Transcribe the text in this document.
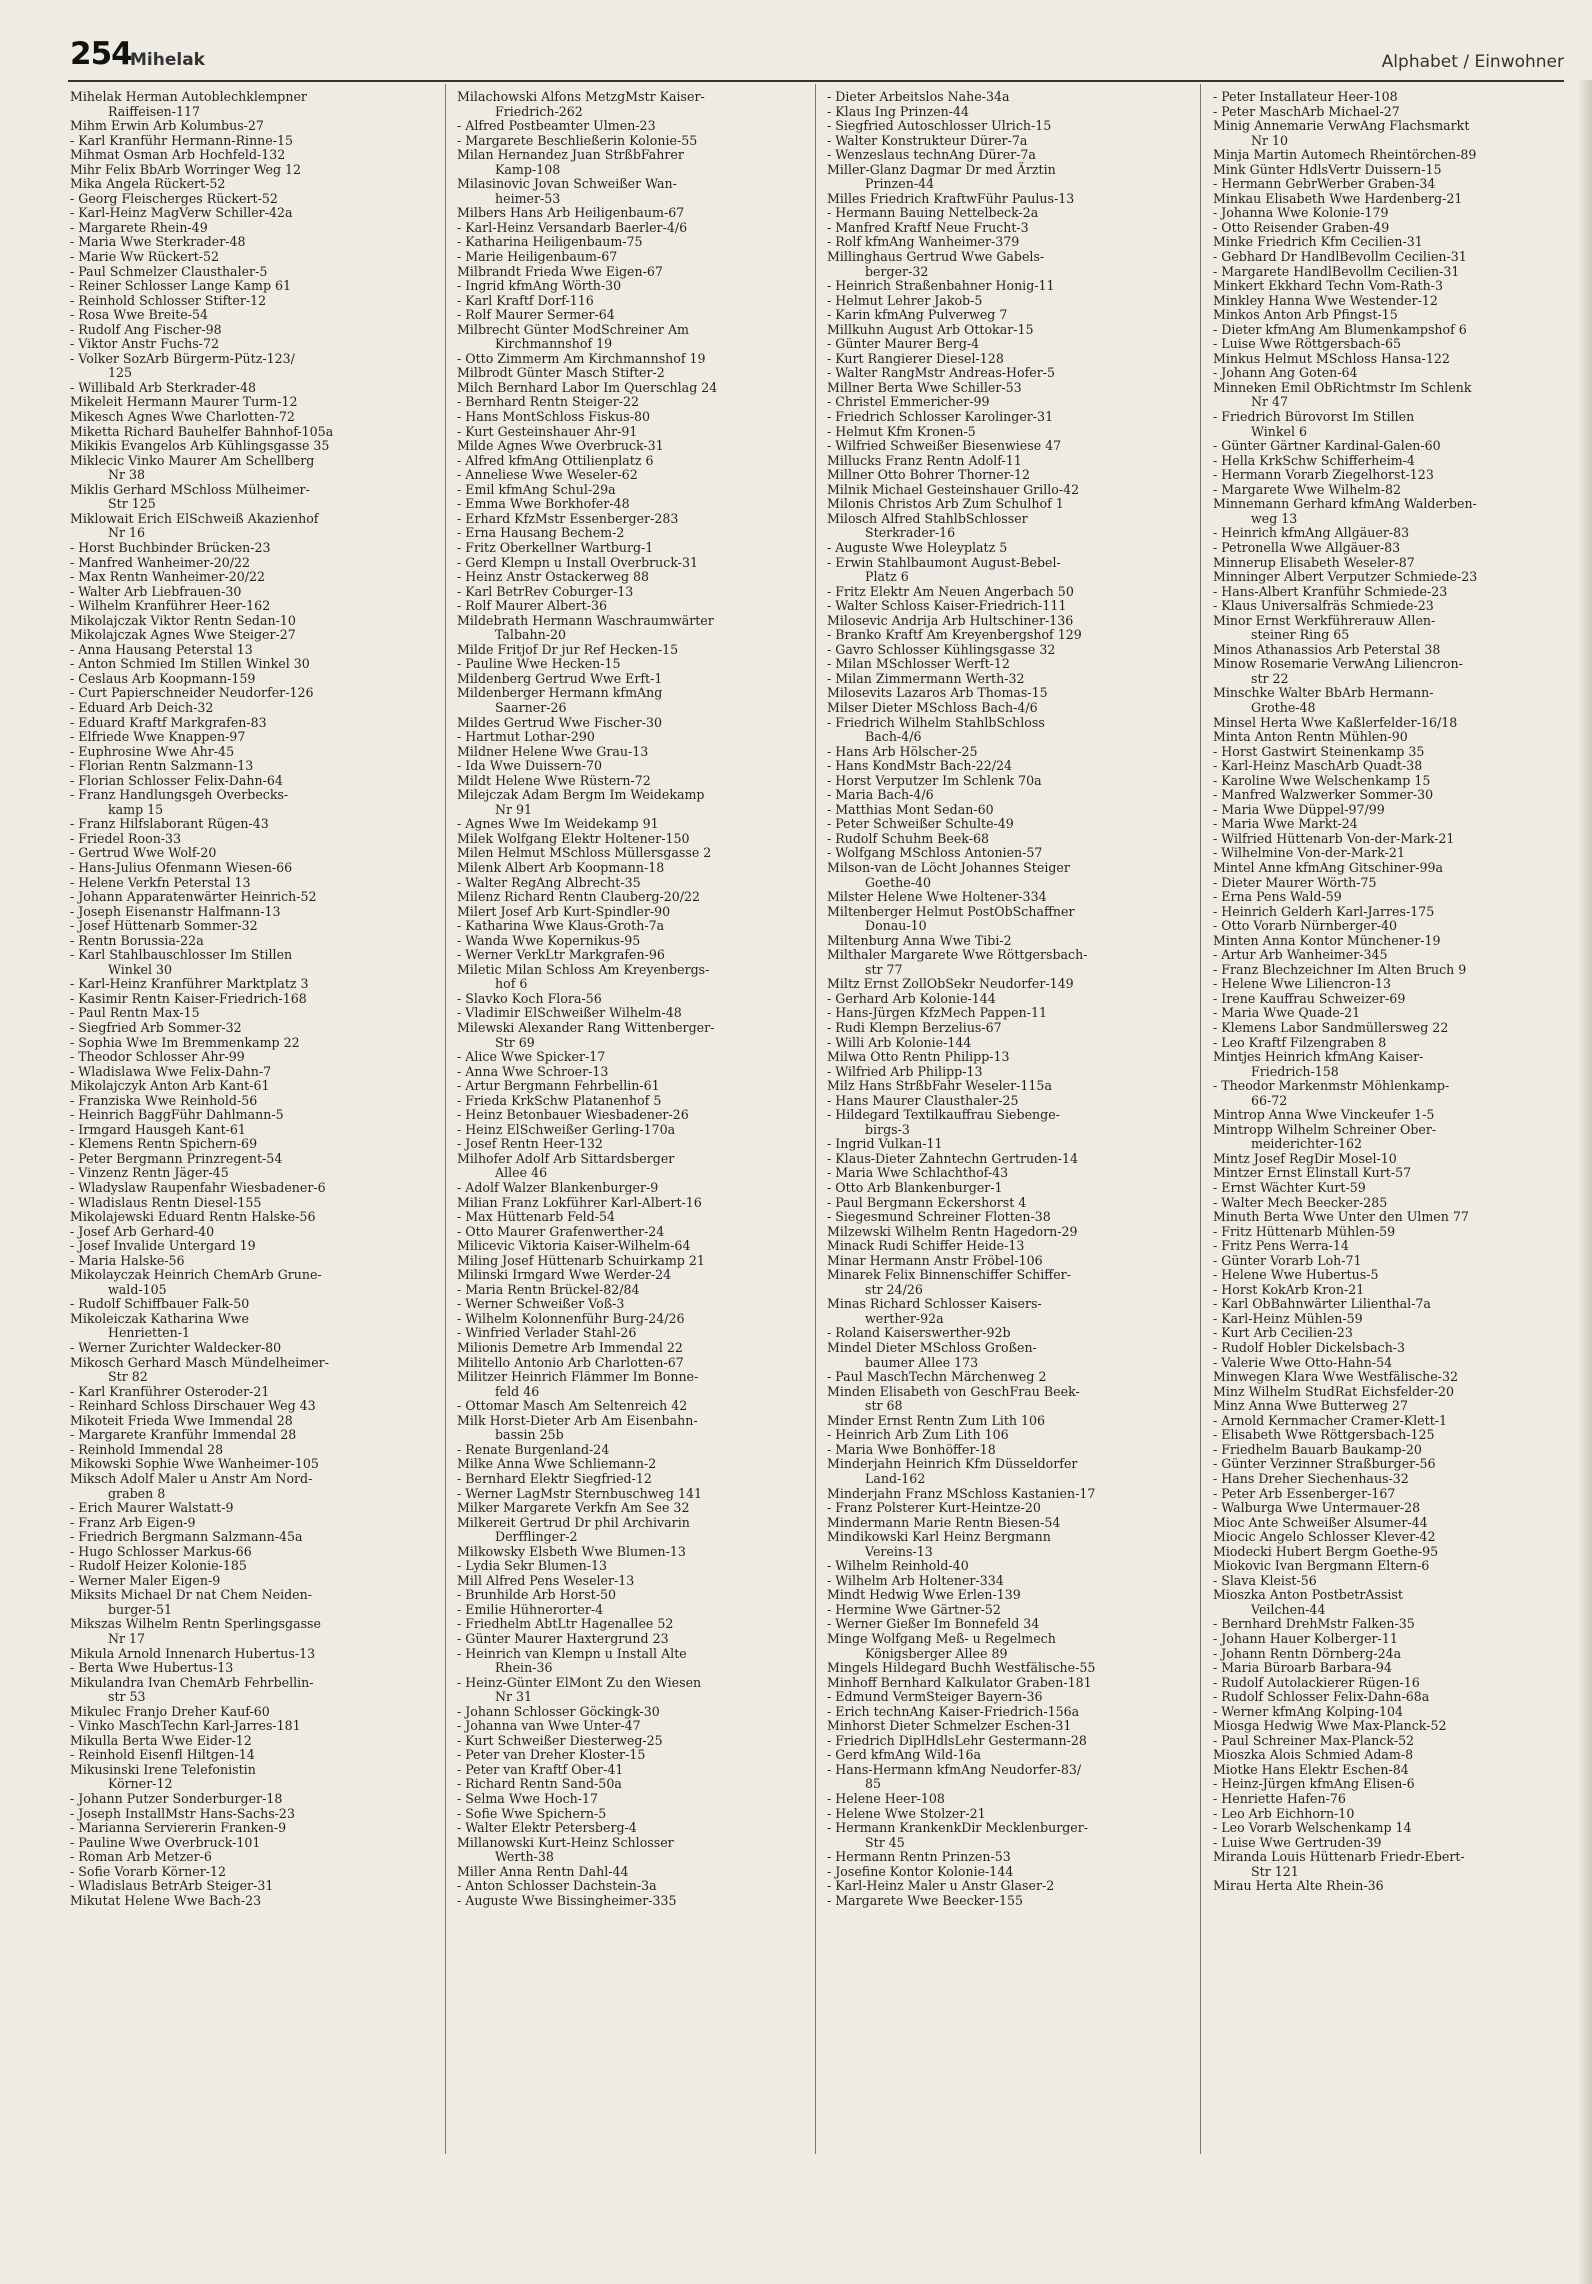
254
Mihelak	Alphabet / Einwohner
Mihelak Herman Autoblechklempner
Raiffeisen-117
Mihm Erwin Arb Kolumbus-27
- Karl Kranführ Hermann-Rinne-15
Mihmat Osman Arb Hochfeld-132
Mihr Felix BbArb Worringer Weg 12
Mika Angela Rückert-52
- Georg Fleischerges Rückert-52
- Karl-Heinz MagVerw Schiller-42a
- Margarete Rhein-49
- Maria Wwe Sterkrader-48
- Marie Ww Rückert-52
- Paul Schmelzer Clausthaler-5
- Reiner Schlosser Lange Kamp 61
- Reinhold Schlosser Stifter-12
- Rosa Wwe Breite-54
- Rudolf Ang Fischer-98
- Viktor Anstr Fuchs-72
- Volker SozArb Bürgerm-Pütz-123/
125
- Willibald Arb Sterkrader-48
Mikeleit Hermann Maurer Turm-12
Mikesch Agnes Wwe Charlotten-72
Miketta Richard Bauhelfer Bahnhof-105a
Mikikis Evangelos Arb Kühlingsgasse 35
Miklecic Vinko Maurer Am Schellberg
Nr 38
Miklis Gerhard MSchloss Mülheimer-
Str 125
Miklowait Erich ElSchweiß Akazienhof
Nr 16
- Horst Buchbinder Brücken-23
- Manfred Wanheimer-20/22
- Max Rentn Wanheimer-20/22
- Walter Arb Liebfrauen-30
- Wilhelm Kranführer Heer-162
Mikolajczak Viktor Rentn Sedan-10
Mikolajczak Agnes Wwe Steiger-27
- Anna Hausang Peterstal 13
- Anton Schmied Im Stillen Winkel 30
- Ceslaus Arb Koopmann-159
- Curt Papierschneider Neudorfer-126
- Eduard Arb Deich-32
- Eduard Kraftf Markgrafen-83
- Elfriede Wwe Knappen-97
- Euphrosine Wwe Ahr-45
- Florian Rentn Salzmann-13
- Florian Schlosser Felix-Dahn-64
- Franz Handlungsgeh Overbecks-
kamp 15
- Franz Hilfslaborant Rügen-43
- Friedel Roon-33
- Gertrud Wwe Wolf-20
- Hans-Julius Ofenmann Wiesen-66
- Helene Verkfn Peterstal 13
- Johann Apparatenwärter Heinrich-52
- Joseph Eisenanstr Halfmann-13
- Josef Hüttenarb Sommer-32
- Rentn Borussia-22a
- Karl Stahlbauschlosser Im Stillen
Winkel 30
- Karl-Heinz Kranführer Marktplatz 3
- Kasimir Rentn Kaiser-Friedrich-168
- Paul Rentn Max-15
- Siegfried Arb Sommer-32
- Sophia Wwe Im Bremmenkamp 22
- Theodor Schlosser Ahr-99
- Wladislawa Wwe Felix-Dahn-7
Mikolajczyk Anton Arb Kant-61
- Franziska Wwe Reinhold-56
- Heinrich BaggFühr Dahlmann-5
- Irmgard Hausgeh Kant-61
- Klemens Rentn Spichern-69
- Peter Bergmann Prinzregent-54
- Vinzenz Rentn Jäger-45
- Wladyslaw Raupenfahr Wiesbadener-6
- Wladislaus Rentn Diesel-155
Mikolajewski Eduard Rentn Halske-56
- Josef Arb Gerhard-40
- Josef Invalide Untergard 19
- Maria Halske-56
Mikolayczak Heinrich ChemArb Grune-
wald-105
- Rudolf Schiffbauer Falk-50
Mikoleiczak Katharina Wwe
Henrietten-1
- Werner Zurichter Waldecker-80
Mikosch Gerhard Masch Mündelheimer-
Str 82
- Karl Kranführer Osteroder-21
- Reinhard Schloss Dirschauer Weg 43
Mikoteit Frieda Wwe Immendal 28
- Margarete Kranführ Immendal 28
- Reinhold Immendal 28
Mikowski Sophie Wwe Wanheimer-105
Miksch Adolf Maler u Anstr Am Nord-
graben 8
- Erich Maurer Walstatt-9
- Franz Arb Eigen-9
- Friedrich Bergmann Salzmann-45a
- Hugo Schlosser Markus-66
- Rudolf Heizer Kolonie-185
- Werner Maler Eigen-9
Miksits Michael Dr nat Chem Neiden-
burger-51
Mikszas Wilhelm Rentn Sperlingsgasse
Nr 17
Mikula Arnold Innenarch Hubertus-13
- Berta Wwe Hubertus-13
Mikulandra Ivan ChemArb Fehrbellin-
str 53
Mikulec Franjo Dreher Kauf-60
- Vinko MaschTechn Karl-Jarres-181
Mikulla Berta Wwe Eider-12
- Reinhold Eisenfl Hiltgen-14
Mikusinski Irene Telefonistin
Körner-12
- Johann Putzer Sonderburger-18
- Joseph InstallMstr Hans-Sachs-23
- Marianna Serviererin Franken-9
- Pauline Wwe Overbruck-101
- Roman Arb Metzer-6
- Sofie Vorarb Körner-12
- Wladislaus BetrArb Steiger-31
Mikutat Helene Wwe Bach-23
Milachowski Alfons MetzgMstr Kaiser-
Friedrich-262
- Alfred Postbeamter Ulmen-23
- Margarete Beschließerin Kolonie-55
Milan Hernandez Juan StrßbFahrer
Kamp-108
Milasinovic Jovan Schweißer Wan-
heimer-53
Milbers Hans Arb Heiligenbaum-67
- Karl-Heinz Versandarb Baerler-4/6
- Katharina Heiligenbaum-75
- Marie Heiligenbaum-67
Milbrandt Frieda Wwe Eigen-67
- Ingrid kfmAng Wörth-30
- Karl Kraftf Dorf-116
- Rolf Maurer Sermer-64
Milbrecht Günter ModSchreiner Am
Kirchmannshof 19
- Otto Zimmerm Am Kirchmannshof 19
Milbrodt Günter Masch Stifter-2
Milch Bernhard Labor Im Querschlag 24
- Bernhard Rentn Steiger-22
- Hans MontSchloss Fiskus-80
- Kurt Gesteinshauer Ahr-91
Milde Agnes Wwe Overbruck-31
- Alfred kfmAng Ottilienplatz 6
- Anneliese Wwe Weseler-62
- Emil kfmAng Schul-29a
- Emma Wwe Borkhofer-48
- Erhard KfzMstr Essenberger-283
- Erna Hausang Bechem-2
- Fritz Oberkellner Wartburg-1
- Gerd Klempn u Install Overbruck-31
- Heinz Anstr Ostackerweg 88
- Karl BetrRev Coburger-13
- Rolf Maurer Albert-36
Mildebrath Hermann Waschraumwärter
Talbahn-20
Milde Fritjof Dr jur Ref Hecken-15
- Pauline Wwe Hecken-15
Mildenberg Gertrud Wwe Erft-1
Mildenberger Hermann kfmAng
Saarner-26
Mildes Gertrud Wwe Fischer-30
- Hartmut Lothar-290
Mildner Helene Wwe Grau-13
- Ida Wwe Duissern-70
Mildt Helene Wwe Rüstern-72
Milejczak Adam Bergm Im Weidekamp
Nr 91
- Agnes Wwe Im Weidekamp 91
Milek Wolfgang Elektr Holtener-150
Milen Helmut MSchloss Müllersgasse 2
Milenk Albert Arb Koopmann-18
- Walter RegAng Albrecht-35
Milenz Richard Rentn Clauberg-20/22
Milert Josef Arb Kurt-Spindler-90
- Katharina Wwe Klaus-Groth-7a
- Wanda Wwe Kopernikus-95
- Werner VerkLtr Markgrafen-96
Miletic Milan Schloss Am Kreyenbergs-
hof 6
- Slavko Koch Flora-56
- Vladimir ElSchweißer Wilhelm-48
Milewski Alexander Rang Wittenberger-
Str 69
- Alice Wwe Spicker-17
- Anna Wwe Schroer-13
- Artur Bergmann Fehrbellin-61
- Frieda KrkSchw Platanenhof 5
- Heinz Betonbauer Wiesbadener-26
- Heinz ElSchweißer Gerling-170a
- Josef Rentn Heer-132
Milhofer Adolf Arb Sittardsberger
Allee 46
- Adolf Walzer Blankenburger-9
Milian Franz Lokführer Karl-Albert-16
- Max Hüttenarb Feld-54
- Otto Maurer Grafenwerther-24
Milicevic Viktoria Kaiser-Wilhelm-64
Miling Josef Hüttenarb Schuirkamp 21
Milinski Irmgard Wwe Werder-24
- Maria Rentn Brückel-82/84
- Werner Schweißer Voß-3
- Wilhelm Kolonnenführ Burg-24/26
- Winfried Verlader Stahl-26
Milionis Demetre Arb Immendal 22
Militello Antonio Arb Charlotten-67
Militzer Heinrich Flämmer Im Bonne-
feld 46
- Ottomar Masch Am Seltenreich 42
Milk Horst-Dieter Arb Am Eisenbahn-
bassin 25b
- Renate Burgenland-24
Milke Anna Wwe Schliemann-2
- Bernhard Elektr Siegfried-12
- Werner LagMstr Sternbuschweg 141
Milker Margarete Verkfn Am See 32
Milkereit Gertrud Dr phil Archivarin
Derfflinger-2
Milkowsky Elsbeth Wwe Blumen-13
- Lydia Sekr Blumen-13
Mill Alfred Pens Weseler-13
- Brunhilde Arb Horst-50
- Emilie Hühnerorter-4
- Friedhelm AbtLtr Hagenallee 52
- Günter Maurer Haxtergrund 23
- Heinrich van Klempn u Install Alte
Rhein-36
- Heinz-Günter ElMont Zu den Wiesen
Nr 31
- Johann Schlosser Göckingk-30
- Johanna van Wwe Unter-47
- Kurt Schweißer Diesterweg-25
- Peter van Dreher Kloster-15
- Peter van Kraftf Ober-41
- Richard Rentn Sand-50a
- Selma Wwe Hoch-17
- Sofie Wwe Spichern-5
- Walter Elektr Petersberg-4
Millanowski Kurt-Heinz Schlosser
Werth-38
Miller Anna Rentn Dahl-44
- Anton Schlosser Dachstein-3a
- Auguste Wwe Bissingheimer-335
- Dieter Arbeitslos Nahe-34a
- Klaus Ing Prinzen-44
- Siegfried Autoschlosser Ulrich-15
- Walter Konstrukteur Dürer-7a
- Wenzeslaus technAng Dürer-7a
Miller-Glanz Dagmar Dr med Ärztin
Prinzen-44
Milles Friedrich KraftwFühr Paulus-13
- Hermann Bauing Nettelbeck-2a
- Manfred Kraftf Neue Frucht-3
- Rolf kfmAng Wanheimer-379
Millinghaus Gertrud Wwe Gabels-
berger-32
- Heinrich Straßenbahner Honig-11
- Helmut Lehrer Jakob-5
- Karin kfmAng Pulverweg 7
Millkuhn August Arb Ottokar-15
- Günter Maurer Berg-4
- Kurt Rangierer Diesel-128
- Walter RangMstr Andreas-Hofer-5
Millner Berta Wwe Schiller-53
- Christel Emmericher-99
- Friedrich Schlosser Karolinger-31
- Helmut Kfm Kronen-5
- Wilfried Schweißer Biesenwiese 47
Millucks Franz Rentn Adolf-11
Millner Otto Bohrer Thorner-12
Milnik Michael Gesteinshauer Grillo-42
Milonis Christos Arb Zum Schulhof 1
Milosch Alfred StahlbSchlosser
Sterkrader-16
- Auguste Wwe Holeyplatz 5
- Erwin Stahlbaumont August-Bebel-
Platz 6
- Fritz Elektr Am Neuen Angerbach 50
- Walter Schloss Kaiser-Friedrich-111
Milosevic Andrija Arb Hultschiner-136
- Branko Kraftf Am Kreyenbergshof 129
- Gavro Schlosser Kühlingsgasse 32
- Milan MSchlosser Werft-12
- Milan Zimmermann Werth-32
Milosevits Lazaros Arb Thomas-15
Milser Dieter MSchloss Bach-4/6
- Friedrich Wilhelm StahlbSchloss
Bach-4/6
- Hans Arb Hölscher-25
- Hans KondMstr Bach-22/24
- Horst Verputzer Im Schlenk 70a
- Maria Bach-4/6
- Matthias Mont Sedan-60
- Peter Schweißer Schulte-49
- Rudolf Schuhm Beek-68
- Wolfgang MSchloss Antonien-57
Milson-van de Löcht Johannes Steiger
Goethe-40
Milster Helene Wwe Holtener-334
Miltenberger Helmut PostObSchaffner
Donau-10
Miltenburg Anna Wwe Tibi-2
Milthaler Margarete Wwe Röttgersbach-
str 77
Miltz Ernst ZollObSekr Neudorfer-149
- Gerhard Arb Kolonie-144
- Hans-Jürgen KfzMech Pappen-11
- Rudi Klempn Berzelius-67
- Willi Arb Kolonie-144
Milwa Otto Rentn Philipp-13
- Wilfried Arb Philipp-13
Milz Hans StrßbFahr Weseler-115a
- Hans Maurer Clausthaler-25
- Hildegard Textilkauffrau Siebenge-
birgs-3
- Ingrid Vulkan-11
- Klaus-Dieter Zahntechn Gertruden-14
- Maria Wwe Schlachthof-43
- Otto Arb Blankenburger-1
- Paul Bergmann Eckershorst 4
- Siegesmund Schreiner Flotten-38
Milzewski Wilhelm Rentn Hagedorn-29
Minack Rudi Schiffer Heide-13
Minar Hermann Anstr Fröbel-106
Minarek Felix Binnenschiffer Schiffer-
str 24/26
Minas Richard Schlosser Kaisers-
werther-92a
- Roland Kaiserswerther-92b
Mindel Dieter MSchloss Großen-
baumer Allee 173
- Paul MaschTechn Märchenweg 2
Minden Elisabeth von GeschFrau Beek-
str 68
Minder Ernst Rentn Zum Lith 106
- Heinrich Arb Zum Lith 106
- Maria Wwe Bonhöffer-18
Minderjahn Heinrich Kfm Düsseldorfer
Land-162
Minderjahn Franz MSchloss Kastanien-17
- Franz Polsterer Kurt-Heintze-20
Mindermann Marie Rentn Biesen-54
Mindikowski Karl Heinz Bergmann
Vereins-13
- Wilhelm Reinhold-40
- Wilhelm Arb Holtener-334
Mindt Hedwig Wwe Erlen-139
- Hermine Wwe Gärtner-52
- Werner Gießer Im Bonnefeld 34
Minge Wolfgang Meß- u Regelmech
Königsberger Allee 89
Mingels Hildegard Buchh Westfälische-55
Minhoff Bernhard Kalkulator Graben-181
- Edmund VermSteiger Bayern-36
- Erich technAng Kaiser-Friedrich-156a
Minhorst Dieter Schmelzer Eschen-31
- Friedrich DiplHdlsLehr Gestermann-28
- Gerd kfmAng Wild-16a
- Hans-Hermann kfmAng Neudorfer-83/
85
- Helene Heer-108
- Helene Wwe Stolzer-21
- Hermann KrankenkDir Mecklenburger-
Str 45
- Hermann Rentn Prinzen-53
- Josefine Kontor Kolonie-144
- Karl-Heinz Maler u Anstr Glaser-2
- Margarete Wwe Beecker-155
- Peter Installateur Heer-108
- Peter MaschArb Michael-27
Minig Annemarie VerwAng Flachsmarkt
Nr 10
Minja Martin Automech Rheintörchen-89
Mink Günter HdlsVertr Duissern-15
- Hermann GebrWerber Graben-34
Minkau Elisabeth Wwe Hardenberg-21
- Johanna Wwe Kolonie-179
- Otto Reisender Graben-49
Minke Friedrich Kfm Cecilien-31
- Gebhard Dr HandlBevollm Cecilien-31
- Margarete HandlBevollm Cecilien-31
Minkert Ekkhard Techn Vom-Rath-3
Minkley Hanna Wwe Westender-12
Minkos Anton Arb Pfingst-15
- Dieter kfmAng Am Blumenkampshof 6
- Luise Wwe Röttgersbach-65
Minkus Helmut MSchloss Hansa-122
- Johann Ang Goten-64
Minneken Emil ObRichtmstr Im Schlenk
Nr 47
- Friedrich Bürovorst Im Stillen
Winkel 6
- Günter Gärtner Kardinal-Galen-60
- Hella KrkSchw Schifferheim-4
- Hermann Vorarb Ziegelhorst-123
- Margarete Wwe Wilhelm-82
Minnemann Gerhard kfmAng Walderben-
weg 13
- Heinrich kfmAng Allgäuer-83
- Petronella Wwe Allgäuer-83
Minnerup Elisabeth Weseler-87
Minninger Albert Verputzer Schmiede-23
- Hans-Albert Kranführ Schmiede-23
- Klaus Universalfräs Schmiede-23
Minor Ernst Werkführerauw Allen-
steiner Ring 65
Minos Athanassios Arb Peterstal 38
Minow Rosemarie VerwAng Liliencron-
str 22
Minschke Walter BbArb Hermann-
Grothe-48
Minsel Herta Wwe Kaßlerfelder-16/18
Minta Anton Rentn Mühlen-90
- Horst Gastwirt Steinenkamp 35
- Karl-Heinz MaschArb Quadt-38
- Karoline Wwe Welschenkamp 15
- Manfred Walzwerker Sommer-30
- Maria Wwe Düppel-97/99
- Maria Wwe Markt-24
- Wilfried Hüttenarb Von-der-Mark-21
- Wilhelmine Von-der-Mark-21
Mintel Anne kfmAng Gitschiner-99a
- Dieter Maurer Wörth-75
- Erna Pens Wald-59
- Heinrich Gelderh Karl-Jarres-175
- Otto Vorarb Nürnberger-40
Minten Anna Kontor Münchener-19
- Artur Arb Wanheimer-345
- Franz Blechzeichner Im Alten Bruch 9
- Helene Wwe Liliencron-13
- Irene Kauffrau Schweizer-69
- Maria Wwe Quade-21
- Klemens Labor Sandmüllersweg 22
- Leo Kraftf Filzengraben 8
Mintjes Heinrich kfmAng Kaiser-
Friedrich-158
- Theodor Markenmstr Möhlenkamp-
66-72
Mintrop Anna Wwe Vinckeufer 1-5
Mintropp Wilhelm Schreiner Ober-
meiderichter-162
Mintz Josef RegDir Mosel-10
Mintzer Ernst Elinstall Kurt-57
- Ernst Wächter Kurt-59
- Walter Mech Beecker-285
Minuth Berta Wwe Unter den Ulmen 77
- Fritz Hüttenarb Mühlen-59
- Fritz Pens Werra-14
- Günter Vorarb Loh-71
- Helene Wwe Hubertus-5
- Horst KokArb Kron-21
- Karl ObBahnwärter Lilienthal-7a
- Karl-Heinz Mühlen-59
- Kurt Arb Cecilien-23
- Rudolf Hobler Dickelsbach-3
- Valerie Wwe Otto-Hahn-54
Minwegen Klara Wwe Westfälische-32
Minz Wilhelm StudRat Eichsfelder-20
Minz Anna Wwe Butterweg 27
- Arnold Kernmacher Cramer-Klett-1
- Elisabeth Wwe Röttgersbach-125
- Friedhelm Bauarb Baukamp-20
- Günter Verzinner Straßburger-56
- Hans Dreher Siechenhaus-32
- Peter Arb Essenberger-167
- Walburga Wwe Untermauer-28
Mioc Ante Schweißer Alsumer-44
Miocic Angelo Schlosser Klever-42
Miodecki Hubert Bergm Goethe-95
Miokovic Ivan Bergmann Eltern-6
- Slava Kleist-56
Mioszka Anton PostbetrAssist
Veilchen-44
- Bernhard DrehMstr Falken-35
- Johann Hauer Kolberger-11
- Johann Rentn Dörnberg-24a
- Maria Büroarb Barbara-94
- Rudolf Autolackierer Rügen-16
- Rudolf Schlosser Felix-Dahn-68a
- Werner kfmAng Kolping-104
Miosga Hedwig Wwe Max-Planck-52
- Paul Schreiner Max-Planck-52
Mioszka Alois Schmied Adam-8
Miotke Hans Elektr Eschen-84
- Heinz-Jürgen kfmAng Elisen-6
- Henriette Hafen-76
- Leo Arb Eichhorn-10
- Leo Vorarb Welschenkamp 14
- Luise Wwe Gertruden-39
Miranda Louis Hüttenarb Friedr-Ebert-
Str 121
Mirau Herta Alte Rhein-36
